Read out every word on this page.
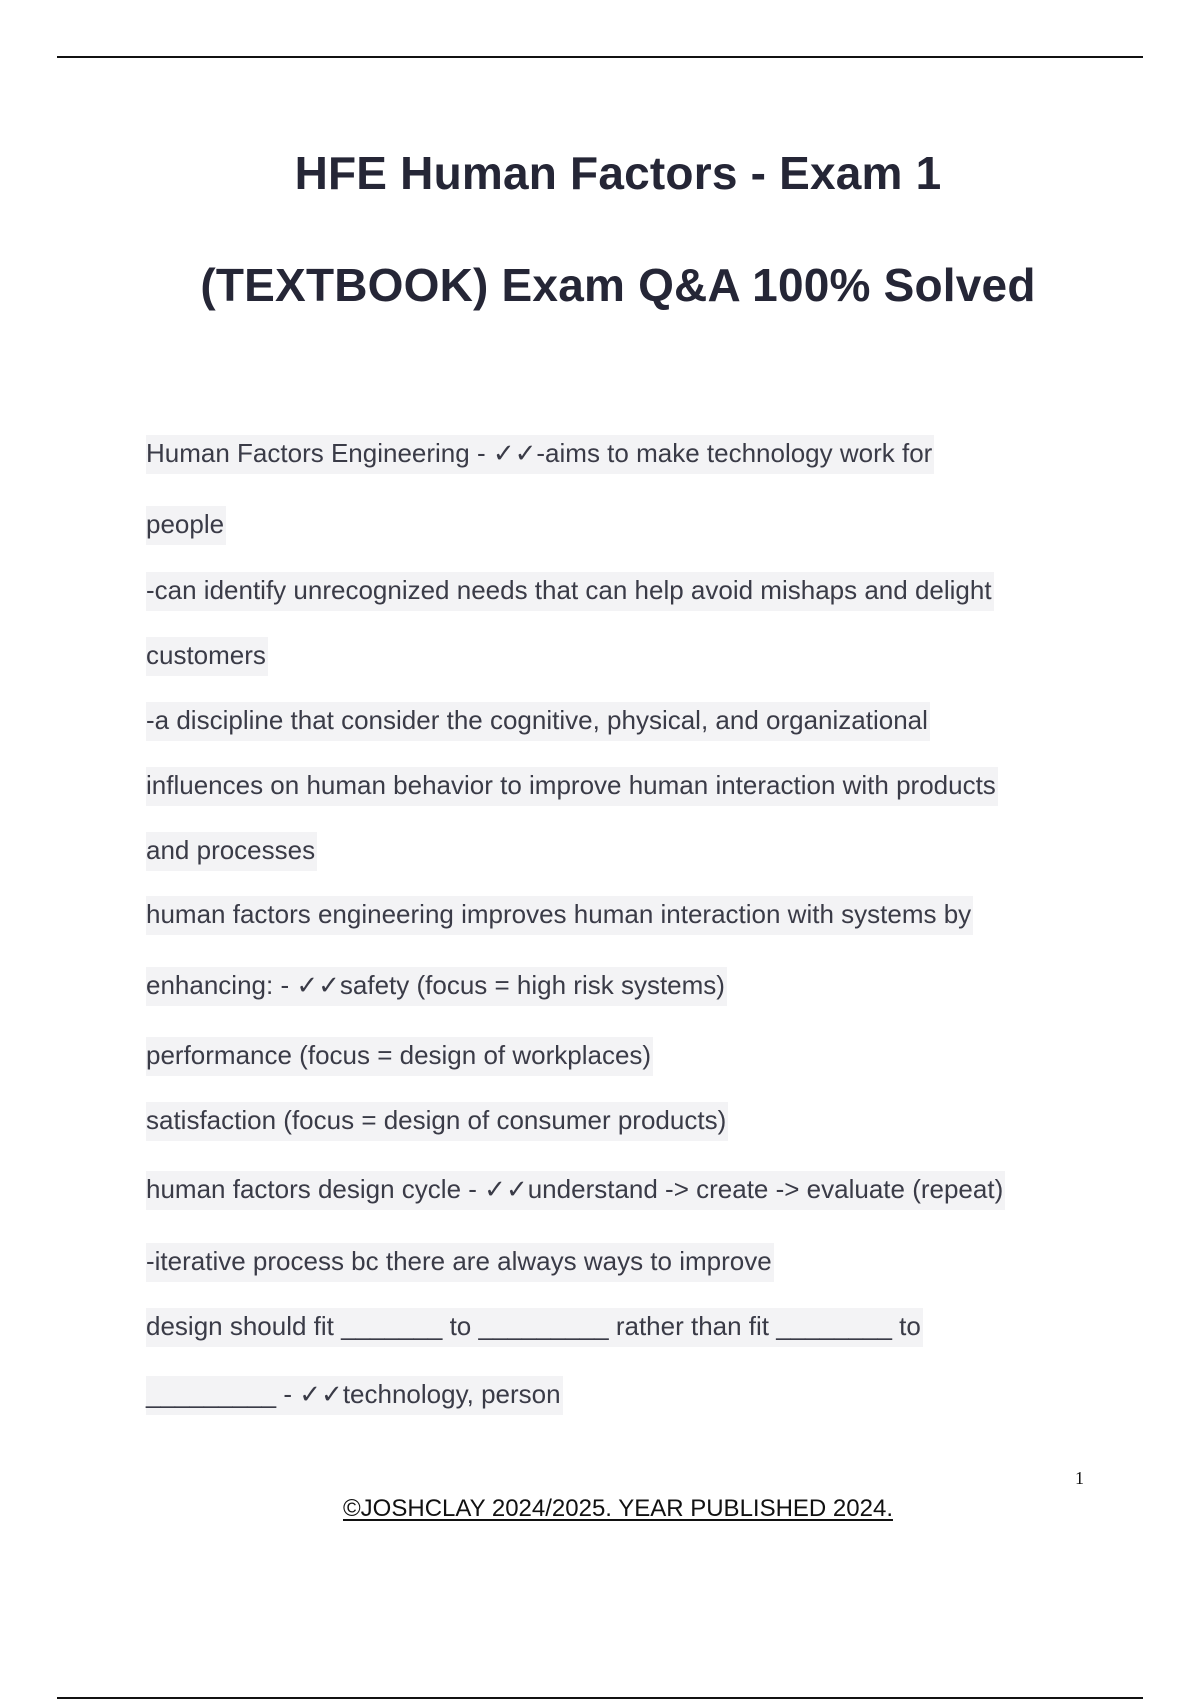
HFE Human Factors - Exam 1
(TEXTBOOK) Exam Q&A 100% Solved
Human Factors Engineering - ✓✓-aims to make technology work for
people
-can identify unrecognized needs that can help avoid mishaps and delight
customers
-a discipline that consider the cognitive, physical, and organizational
influences on human behavior to improve human interaction with products
and processes
human factors engineering improves human interaction with systems by
enhancing: - ✓✓safety (focus = high risk systems)
performance (focus = design of workplaces)
satisfaction (focus = design of consumer products)
human factors design cycle - ✓✓understand -> create -> evaluate (repeat)
-iterative process bc there are always ways to improve
design should fit _______ to _________ rather than fit ________ to
_________ - ✓✓technology, person
1
©JOSHCLAY 2024/2025. YEAR PUBLISHED 2024.
